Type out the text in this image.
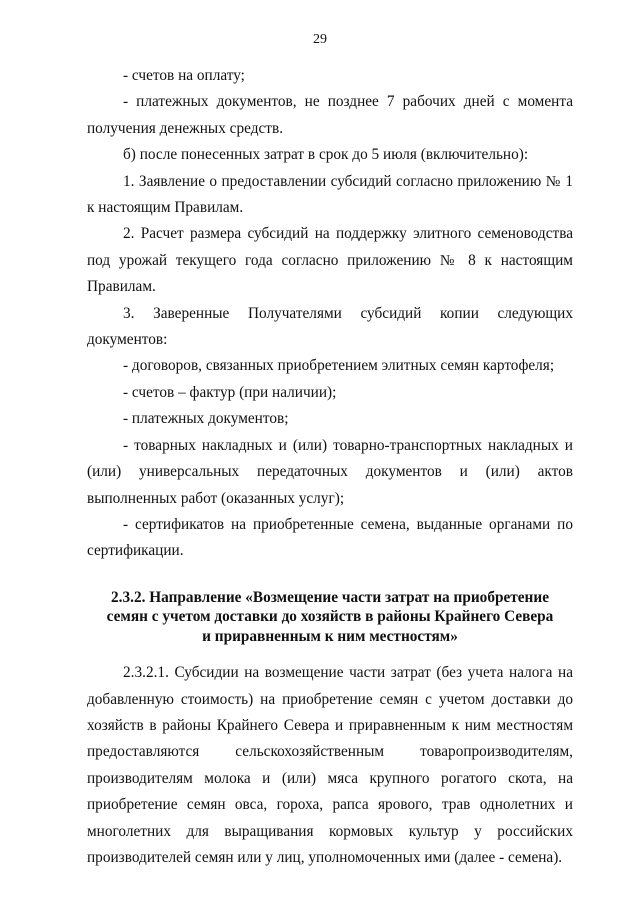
29

- счетов на оплату;

- платежных документов, не позднее 7 рабочих дней с момента получения денежных средств.

б) после понесенных затрат в срок до 5 июля (включительно):

1. Заявление о предоставлении субсидий согласно приложению № 1 к настоящим Правилам.

2. Расчет размера субсидий на поддержку элитного семеноводства под урожай текущего года согласно приложению № 8 к настоящим Правилам.

3. Заверенные Получателями субсидий копии следующих документов:

- договоров, связанных приобретением элитных семян картофеля;

- счетов – фактур (при наличии);

- платежных документов;

- товарных накладных и (или) товарно-транспортных накладных и (или) универсальных передаточных документов и (или) актов выполненных работ (оказанных услуг);

- сертификатов на приобретенные семена, выданные органами по сертификации.

2.3.2. Направление «Возмещение части затрат на приобретение
семян с учетом доставки до хозяйств в районы Крайнего Севера
и приравненным к ним местностям»

2.3.2.1. Субсидии на возмещение части затрат (без учета налога на добавленную стоимость) на приобретение семян с учетом доставки до хозяйств в районы Крайнего Севера и приравненным к ним местностям предоставляются сельскохозяйственным товаропроизводителям, производителям молока и (или) мяса крупного рогатого скота, на приобретение семян овса, гороха, рапса ярового, трав однолетних и многолетних для выращивания кормовых культур у российских производителей семян или у лиц, уполномоченных ими (далее - семена).
